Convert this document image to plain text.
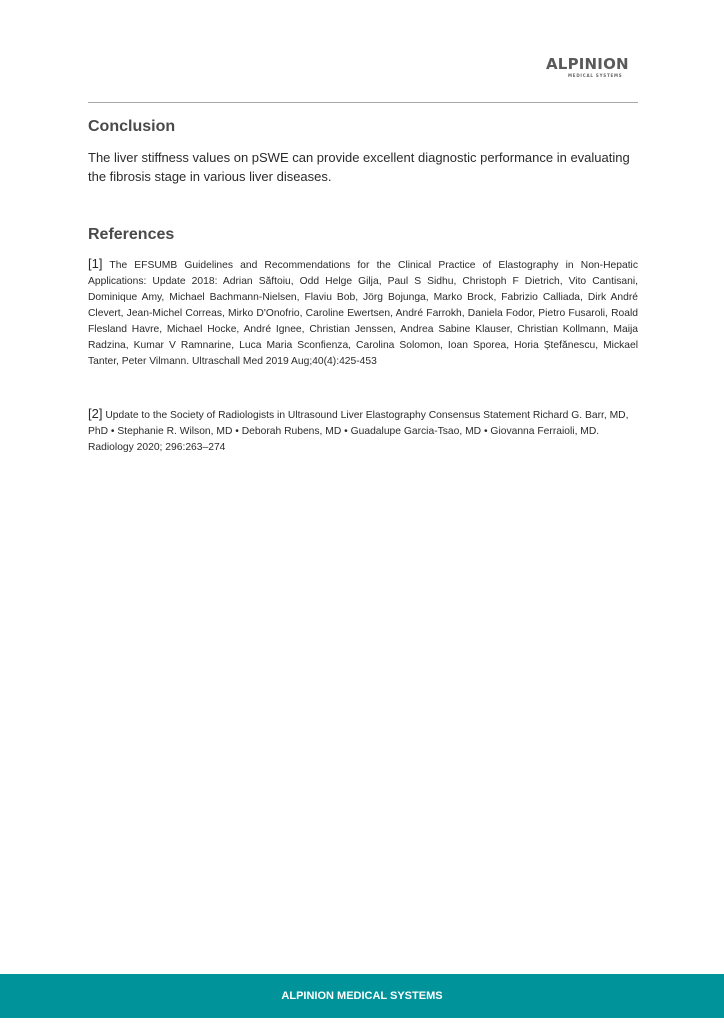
ALPINION
MEDICAL SYSTEMS
Conclusion

The liver stiffness values on pSWE can provide excellent diagnostic performance in evaluating the fibrosis stage in various liver diseases.

References

[1] The EFSUMB Guidelines and Recommendations for the Clinical Practice of Elastography in Non-Hepatic Applications: Update 2018: Adrian Săftoiu, Odd Helge Gilja, Paul S Sidhu, Christoph F Dietrich, Vito Cantisani, Dominique Amy, Michael Bachmann-Nielsen, Flaviu Bob, Jörg Bojunga, Marko Brock, Fabrizio Calliada, Dirk André Clevert, Jean-Michel Correas, Mirko D'Onofrio, Caroline Ewertsen, André Farrokh, Daniela Fodor, Pietro Fusaroli, Roald Flesland Havre, Michael Hocke, André Ignee, Christian Jenssen, Andrea Sabine Klauser, Christian Kollmann, Maija Radzina, Kumar V Ramnarine, Luca Maria Sconfienza, Carolina Solomon, Ioan Sporea, Horia Ștefănescu, Mickael Tanter, Peter Vilmann. Ultraschall Med 2019 Aug;40(4):425-453

[2] Update to the Society of Radiologists in Ultrasound Liver Elastography Consensus Statement Richard G. Barr, MD, PhD • Stephanie R. Wilson, MD • Deborah Rubens, MD • Guadalupe Garcia-Tsao, MD • Giovanna Ferraioli, MD. Radiology 2020; 296:263–274

ALPINION MEDICAL SYSTEMS
